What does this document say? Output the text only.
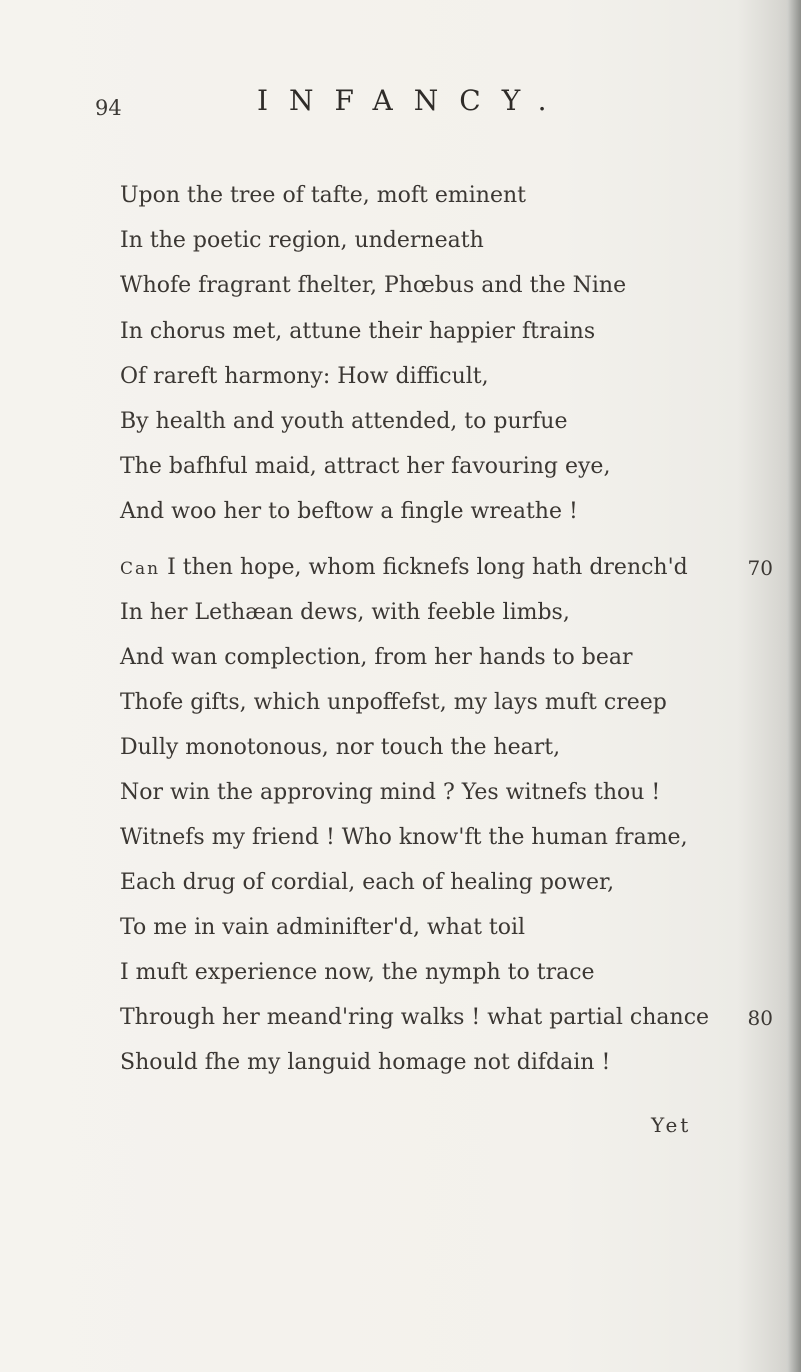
94	INFANCY.
Upon the tree of tafte, moft eminent
In the poetic region, underneath
Whofe fragrant fhelter, Phœbus and the Nine
In chorus met, attune their happier ftrains
Of rareft harmony: How difficult,
By health and youth attended, to purfue
The bafhful maid, attract her favouring eye,
And woo her to beftow a fingle wreathe !
Can I then hope, whom ficknefs long hath drench'd	70
In her Lethæan dews, with feeble limbs,
And wan complection, from her hands to bear
Thofe gifts, which unpoffefst, my lays muft creep
Dully monotonous, nor touch the heart,
Nor win the approving mind ? Yes witnefs thou !
Witnefs my friend ! Who know'ft the human frame,
Each drug of cordial, each of healing power,
To me in vain adminifter'd, what toil
I muft experience now, the nymph to trace
Through her meand'ring walks ! what partial chance 80
Should fhe my languid homage not difdain !
Yet
